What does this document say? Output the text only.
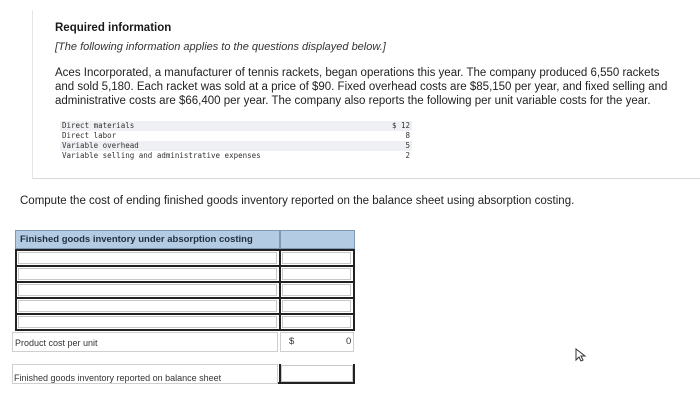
Required information
[The following information applies to the questions displayed below.]
Aces Incorporated, a manufacturer of tennis rackets, began operations this year. The company produced 6,550 rackets and sold 5,180. Each racket was sold at a price of $90. Fixed overhead costs are $85,150 per year, and fixed selling and administrative costs are $66,400 per year. The company also reports the following per unit variable costs for the year.
Direct materials	$ 12
Direct labor	8
Variable overhead	5
Variable selling and administrative expenses	2
Compute the cost of ending finished goods inventory reported on the balance sheet using absorption costing.
Finished goods inventory under absorption costing
Product cost per unit	$	0
Finished goods inventory reported on balance sheet
